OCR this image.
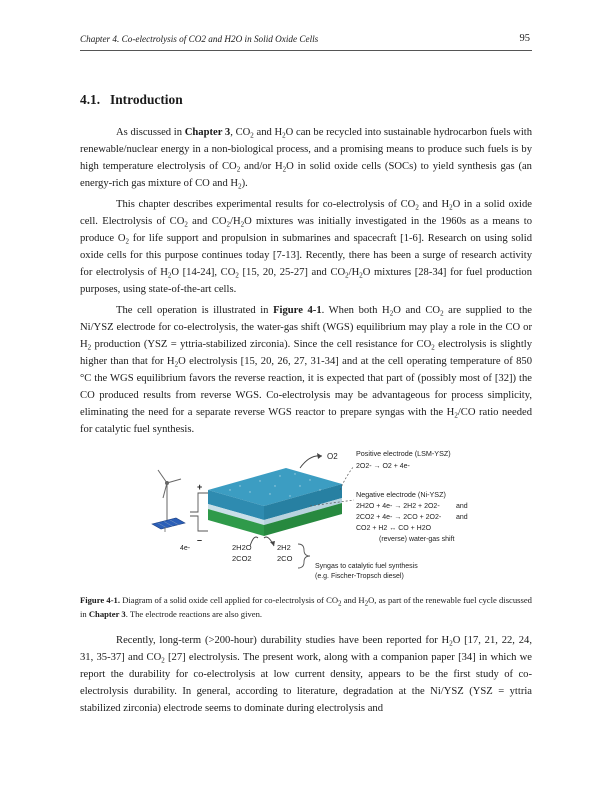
Chapter 4. Co-electrolysis of CO2 and H2O in Solid Oxide Cells	95
4.1. Introduction

As discussed in Chapter 3, $CO_2$ and $H_2O$ can be recycled into sustainable hydrocarbon fuels with renewable/nuclear energy in a non-biological process, and a promising means to produce such fuels is by high temperature electrolysis of $CO_2$ and/or $H_2O$ in solid oxide cells (SOCs) to yield synthesis gas (an energy-rich gas mixture of CO and $H_2$).

This chapter describes experimental results for co-electrolysis of $CO_2$ and $H_2O$ in a solid oxide cell. Electrolysis of $CO_2$ and $CO_2/H_2O$ mixtures was initially investigated in the 1960s as a means to produce $O_2$ for life support and propulsion in submarines and spacecraft [1-6]. Research on using solid oxide cells for this purpose continues today [7-13]. Recently, there has been a surge of research activity for electrolysis of $H_2O$ [14-24], $CO_2$ [15, 20, 25-27] and $CO_2/H_2O$ mixtures [28-34] for fuel production purposes, using state-of-the-art cells.

The cell operation is illustrated in Figure 4-1. When both $H_2O$ and $CO_2$ are supplied to the Ni/YSZ electrode for co-electrolysis, the water-gas shift (WGS) equilibrium may play a role in the CO or $H_2$ production (YSZ = yttria-stabilized zirconia). Since the cell resistance for $CO_2$ electrolysis is slightly higher than that for $H_2O$ electrolysis [15, 20, 26, 27, 31-34] and at the cell operating temperature of 850 °C the WGS equilibrium favors the reverse reaction, it is expected that part of (possibly most of [32]) the CO produced results from reverse WGS. Co-electrolysis may be advantageous for process simplicity, eliminating the need for a separate reverse WGS reactor to prepare syngas with the $H_2/CO$ ratio needed for catalytic fuel synthesis.

+
–
4e-
O2	Positive electrode (LSM-YSZ)
2O2- → O2 + 4e-
Negative electrode (Ni-YSZ)
2H2O + 4e- → 2H2 + 2O2- and
2CO2 + 4e- → 2CO + 2O2- and
CO2 + H2 ↔ CO + H2O
(reverse) water-gas shift
2H2O
2CO2
2H2
2CO
Syngas to catalytic fuel synthesis
(e.g. Fischer-Tropsch diesel)

Figure 4-1. Diagram of a solid oxide cell applied for co-electrolysis of $CO_2$ and $H_2O$, as part of the renewable fuel cycle discussed in Chapter 3. The electrode reactions are also given.

Recently, long-term (>200-hour) durability studies have been reported for $H_2O$ [17, 21, 22, 24, 31, 35-37] and $CO_2$ [27] electrolysis. The present work, along with a companion paper [34] in which we report the durability for co-electrolysis at low current density, appears to be the first study of co-electrolysis durability. In general, according to literature, degradation at the Ni/YSZ (YSZ = yttria stabilized zirconia) electrode seems to dominate during electrolysis and
